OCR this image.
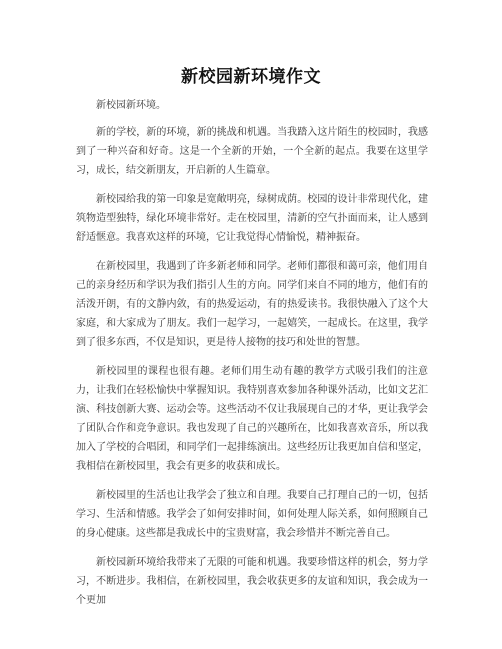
新校园新环境作文

新校园新环境。

新的学校，新的环境，新的挑战和机遇。当我踏入这片陌生的校园时，我感到了一种兴奋和好奇。这是一个全新的开始，一个全新的起点。我要在这里学习，成长，结交新朋友，开启新的人生篇章。

新校园给我的第一印象是宽敞明亮，绿树成荫。校园的设计非常现代化，建筑物造型独特，绿化环境非常好。走在校园里，清新的空气扑面而来，让人感到舒适惬意。我喜欢这样的环境，它让我觉得心情愉悦，精神振奋。

在新校园里，我遇到了许多新老师和同学。老师们都很和蔼可亲，他们用自己的亲身经历和学识为我们指引人生的方向。同学们来自不同的地方，他们有的活泼开朗，有的文静内敛，有的热爱运动，有的热爱读书。我很快融入了这个大家庭，和大家成为了朋友。我们一起学习，一起嬉笑，一起成长。在这里，我学到了很多东西，不仅是知识，更是待人接物的技巧和处世的智慧。

新校园里的课程也很有趣。老师们用生动有趣的教学方式吸引我们的注意力，让我们在轻松愉快中掌握知识。我特别喜欢参加各种课外活动，比如文艺汇演、科技创新大赛、运动会等。这些活动不仅让我展现自己的才华，更让我学会了团队合作和竞争意识。我也发现了自己的兴趣所在，比如我喜欢音乐，所以我加入了学校的合唱团，和同学们一起排练演出。这些经历让我更加自信和坚定，我相信在新校园里，我会有更多的收获和成长。

新校园里的生活也让我学会了独立和自理。我要自己打理自己的一切，包括学习、生活和情感。我学会了如何安排时间，如何处理人际关系，如何照顾自己的身心健康。这些都是我成长中的宝贵财富，我会珍惜并不断完善自己。

新校园新环境给我带来了无限的可能和机遇。我要珍惜这样的机会，努力学习，不断进步。我相信，在新校园里，我会收获更多的友谊和知识，我会成为一个更加
